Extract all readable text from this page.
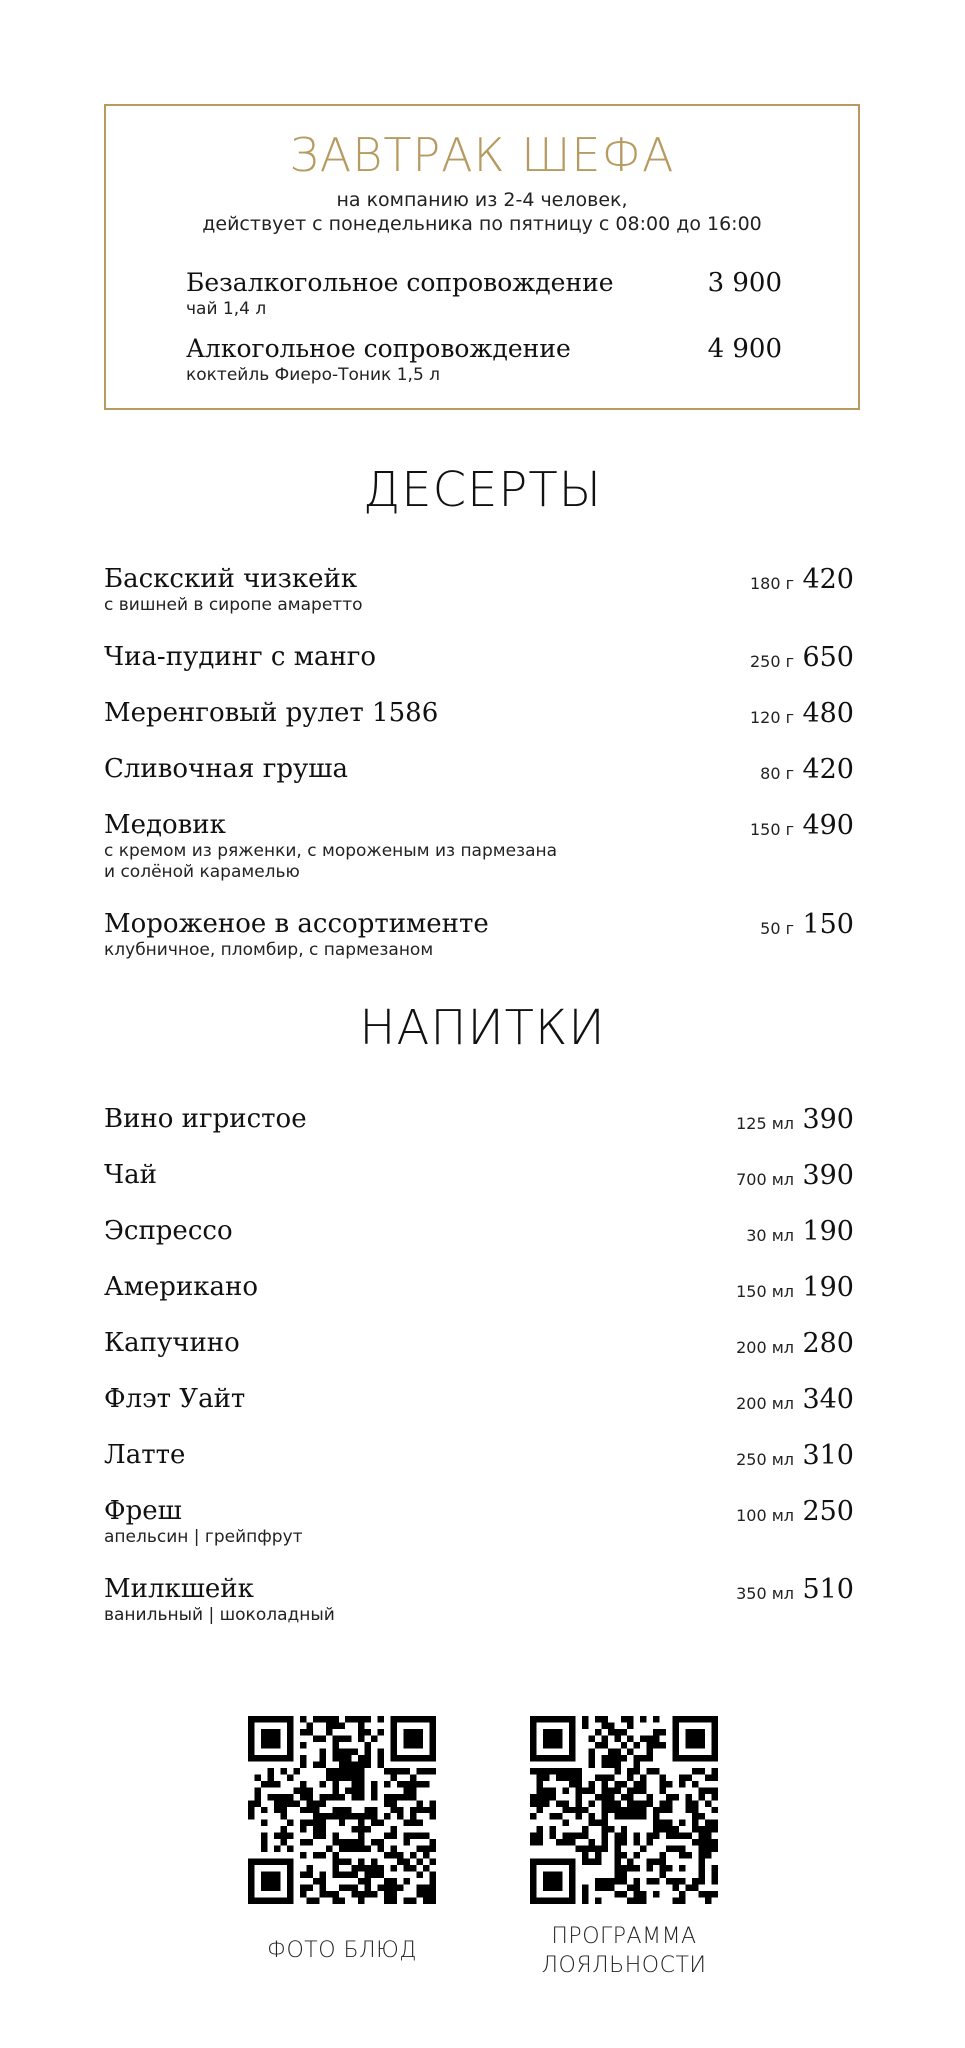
ЗАВТРАК ШЕФА
на компанию из 2-4 человек,
действует с понедельника по пятницу с 08:00 до 16:00
Безалкогольное сопровождение
чай 1,4 л
3 900
Алкогольное сопровождение
коктейль Фиеро-Тоник 1,5 л
4 900
ДЕСЕРТЫ
Баскский чизкейк
с вишней в сиропе амаретто
180 г 420
Чиа-пудинг с манго	250 г 650
Меренговый рулет 1586	120 г 480
Сливочная груша	80 г 420
Медовик
с кремом из ряженки, с мороженым из пармезана
и солёной карамелью
150 г 490
Мороженое в ассортименте
клубничное, пломбир, с пармезаном
50 г 150
НАПИТКИ
Вино игристое	125 мл 390
Чай	700 мл 390
Эспрессо	30 мл 190
Американо	150 мл 190
Капучино	200 мл 280
Флэт Уайт	200 мл 340
Латте	250 мл 310
Фреш
апельсин | грейпфрут
100 мл 250
Милкшейк
ванильный | шоколадный
350 мл 510
ФОТО БЛЮД
ПРОГРАММА
ЛОЯЛЬНОСТИ
